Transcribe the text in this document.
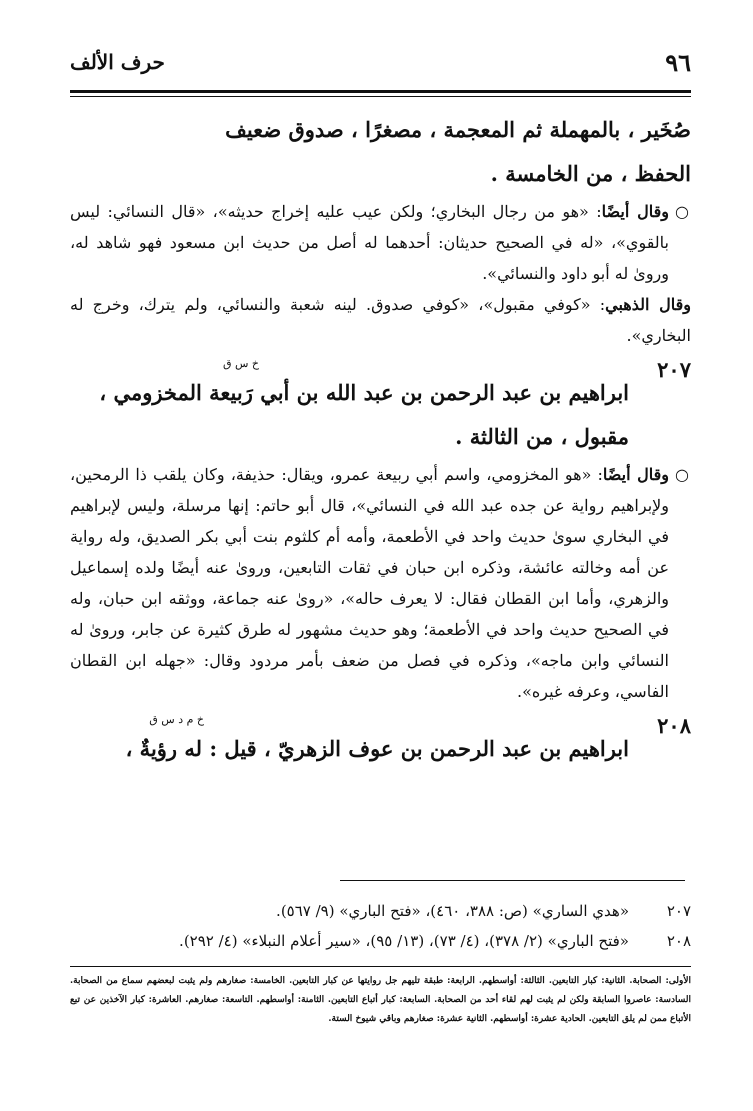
٩٦
حرف الألف
صُخَير ، بالمهملة ثم المعجمة ، مصغرًا ، صدوق ضعيف
الحفظ ، من الخامسة .
○
وقال أيضًا: «هو من رجال البخاري؛ ولكن عيب عليه إخراج حديثه»، «قال النسائي: ليس بالقوي»، «له في الصحيح حديثان: أحدهما له أصل من حديث ابن مسعود فهو شاهد له، وروىٰ له أبو داود والنسائي».
وقال الذهبي: «كوفي مقبول»، «كوفي صدوق. لينه شعبة والنسائي، ولم يترك، وخرج له البخاري».
٢٠٧
خ س ق
ابراهيم بن عبد الرحمن بن عبد الله بن أبي رَبيعة المخزومي ،
مقبول ، من الثالثة .
○
وقال أيضًا: «هو المخزومي، واسم أبي ربيعة عمرو، ويقال: حذيفة، وكان يلقب ذا الرمحين، ولإبراهيم رواية عن جده عبد الله في النسائي»، قال أبو حاتم: إنها مرسلة، وليس لإبراهيم في البخاري سوىٰ حديث واحد في الأطعمة، وأمه أم كلثوم بنت أبي بكر الصديق، وله رواية عن أمه وخالته عائشة، وذكره ابن حبان في ثقات التابعين، وروىٰ عنه أيضًا ولده إسماعيل والزهري، وأما ابن القطان فقال: لا يعرف حاله»، «روىٰ عنه جماعة، ووثقه ابن حبان، وله في الصحيح حديث واحد في الأطعمة؛ وهو حديث مشهور له طرق كثيرة عن جابر، وروىٰ له النسائي وابن ماجه»، وذكره في فصل من ضعف بأمر مردود وقال: «جهله ابن القطان الفاسي، وعرفه غيره».
٢٠٨
خ م د س ق
ابراهيم بن عبد الرحمن بن عوف الزهريّ ، قيل : له رؤيةٌ ،
٢٠٧
«هدي الساري» (ص: ٣٨٨، ٤٦٠)، «فتح الباري» (٩/ ٥٦٧).
٢٠٨
«فتح الباري» (٢/ ٣٧٨)، (٤/ ٧٣)، (١٣/ ٩٥)، «سير أعلام النبلاء» (٤/ ٢٩٢).
الأولى: الصحابة. الثانية: كبار التابعين. الثالثة: أواسطهم. الرابعة: طبقة تليهم جل روايتها عن كبار التابعين. الخامسة: صغارهم ولم يثبت لبعضهم سماع من الصحابة. السادسة: عاصروا السابقة ولكن لم يثبت لهم لقاء أحد من الصحابة. السابعة: كبار أتباع التابعين. الثامنة: أواسطهم. التاسعة: صغارهم. العاشرة: كبار الآخذين عن تبع الأتباع ممن لم يلق التابعين. الحادية عشرة: أواسطهم. الثانية عشرة: صغارهم وباقي شيوخ الستة.
